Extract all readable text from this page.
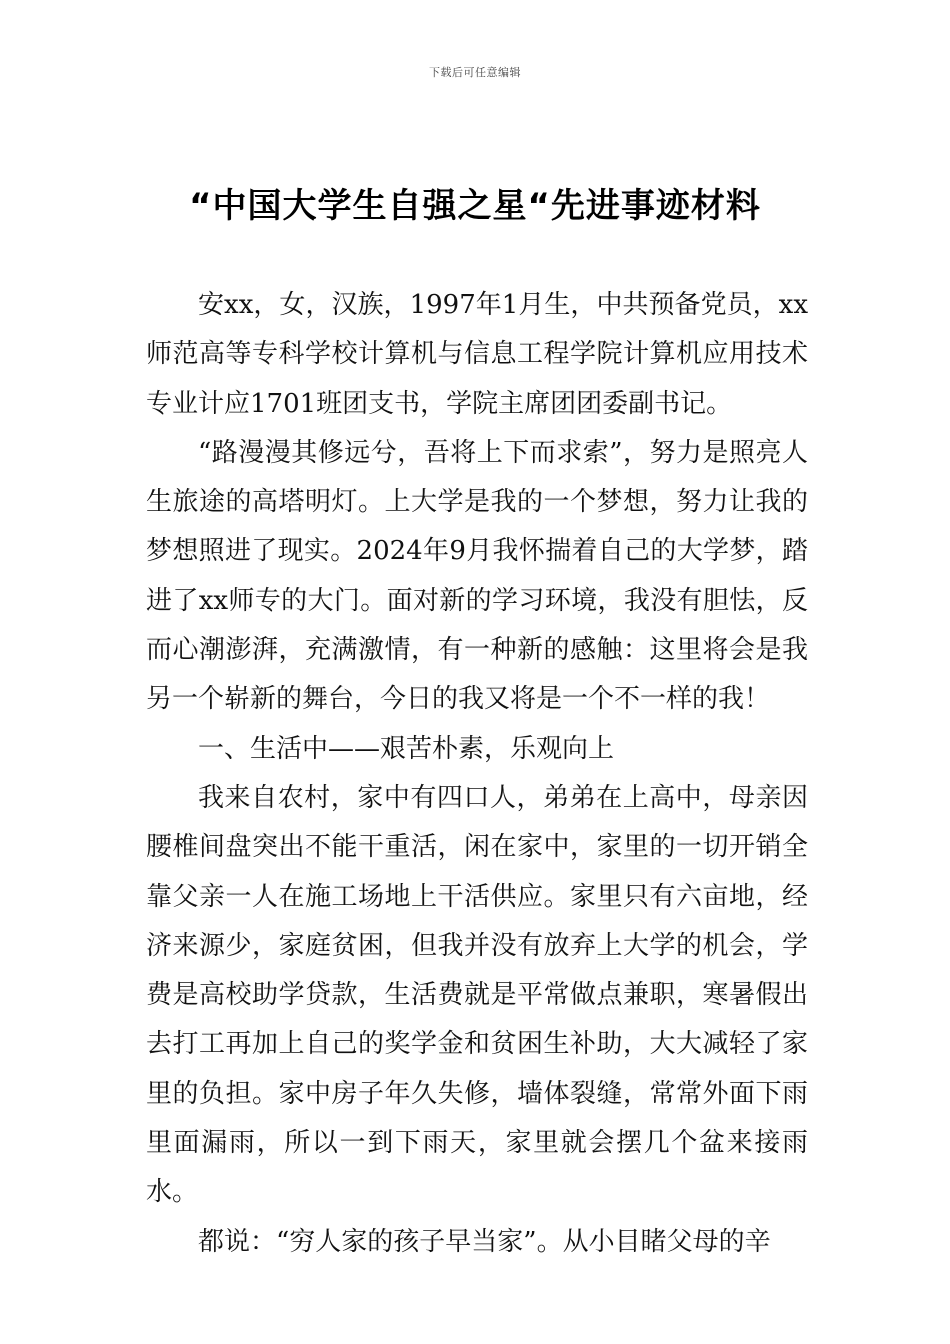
下载后可任意编辑
“中国大学生自强之星“先进事迹材料

安xx，女，汉族，1997年1月生，中共预备党员，xx师范高等专科学校计算机与信息工程学院计算机应用技术专业计应1701班团支书，学院主席团团委副书记。

“路漫漫其修远兮，吾将上下而求索”，努力是照亮人生旅途的高塔明灯。上大学是我的一个梦想，努力让我的梦想照进了现实。2024年9月我怀揣着自己的大学梦，踏进了xx师专的大门。面对新的学习环境，我没有胆怯，反而心潮澎湃，充满激情，有一种新的感触：这里将会是我另一个崭新的舞台，今日的我又将是一个不一样的我！

一、生活中——艰苦朴素，乐观向上

我来自农村，家中有四口人，弟弟在上高中，母亲因腰椎间盘突出不能干重活，闲在家中，家里的一切开销全靠父亲一人在施工场地上干活供应。家里只有六亩地，经济来源少，家庭贫困，但我并没有放弃上大学的机会，学费是高校助学贷款，生活费就是平常做点兼职，寒暑假出去打工再加上自己的奖学金和贫困生补助，大大减轻了家里的负担。家中房子年久失修，墙体裂缝，常常外面下雨里面漏雨，所以一到下雨天，家里就会摆几个盆来接雨水。

都说：“穷人家的孩子早当家”。从小目睹父母的辛
